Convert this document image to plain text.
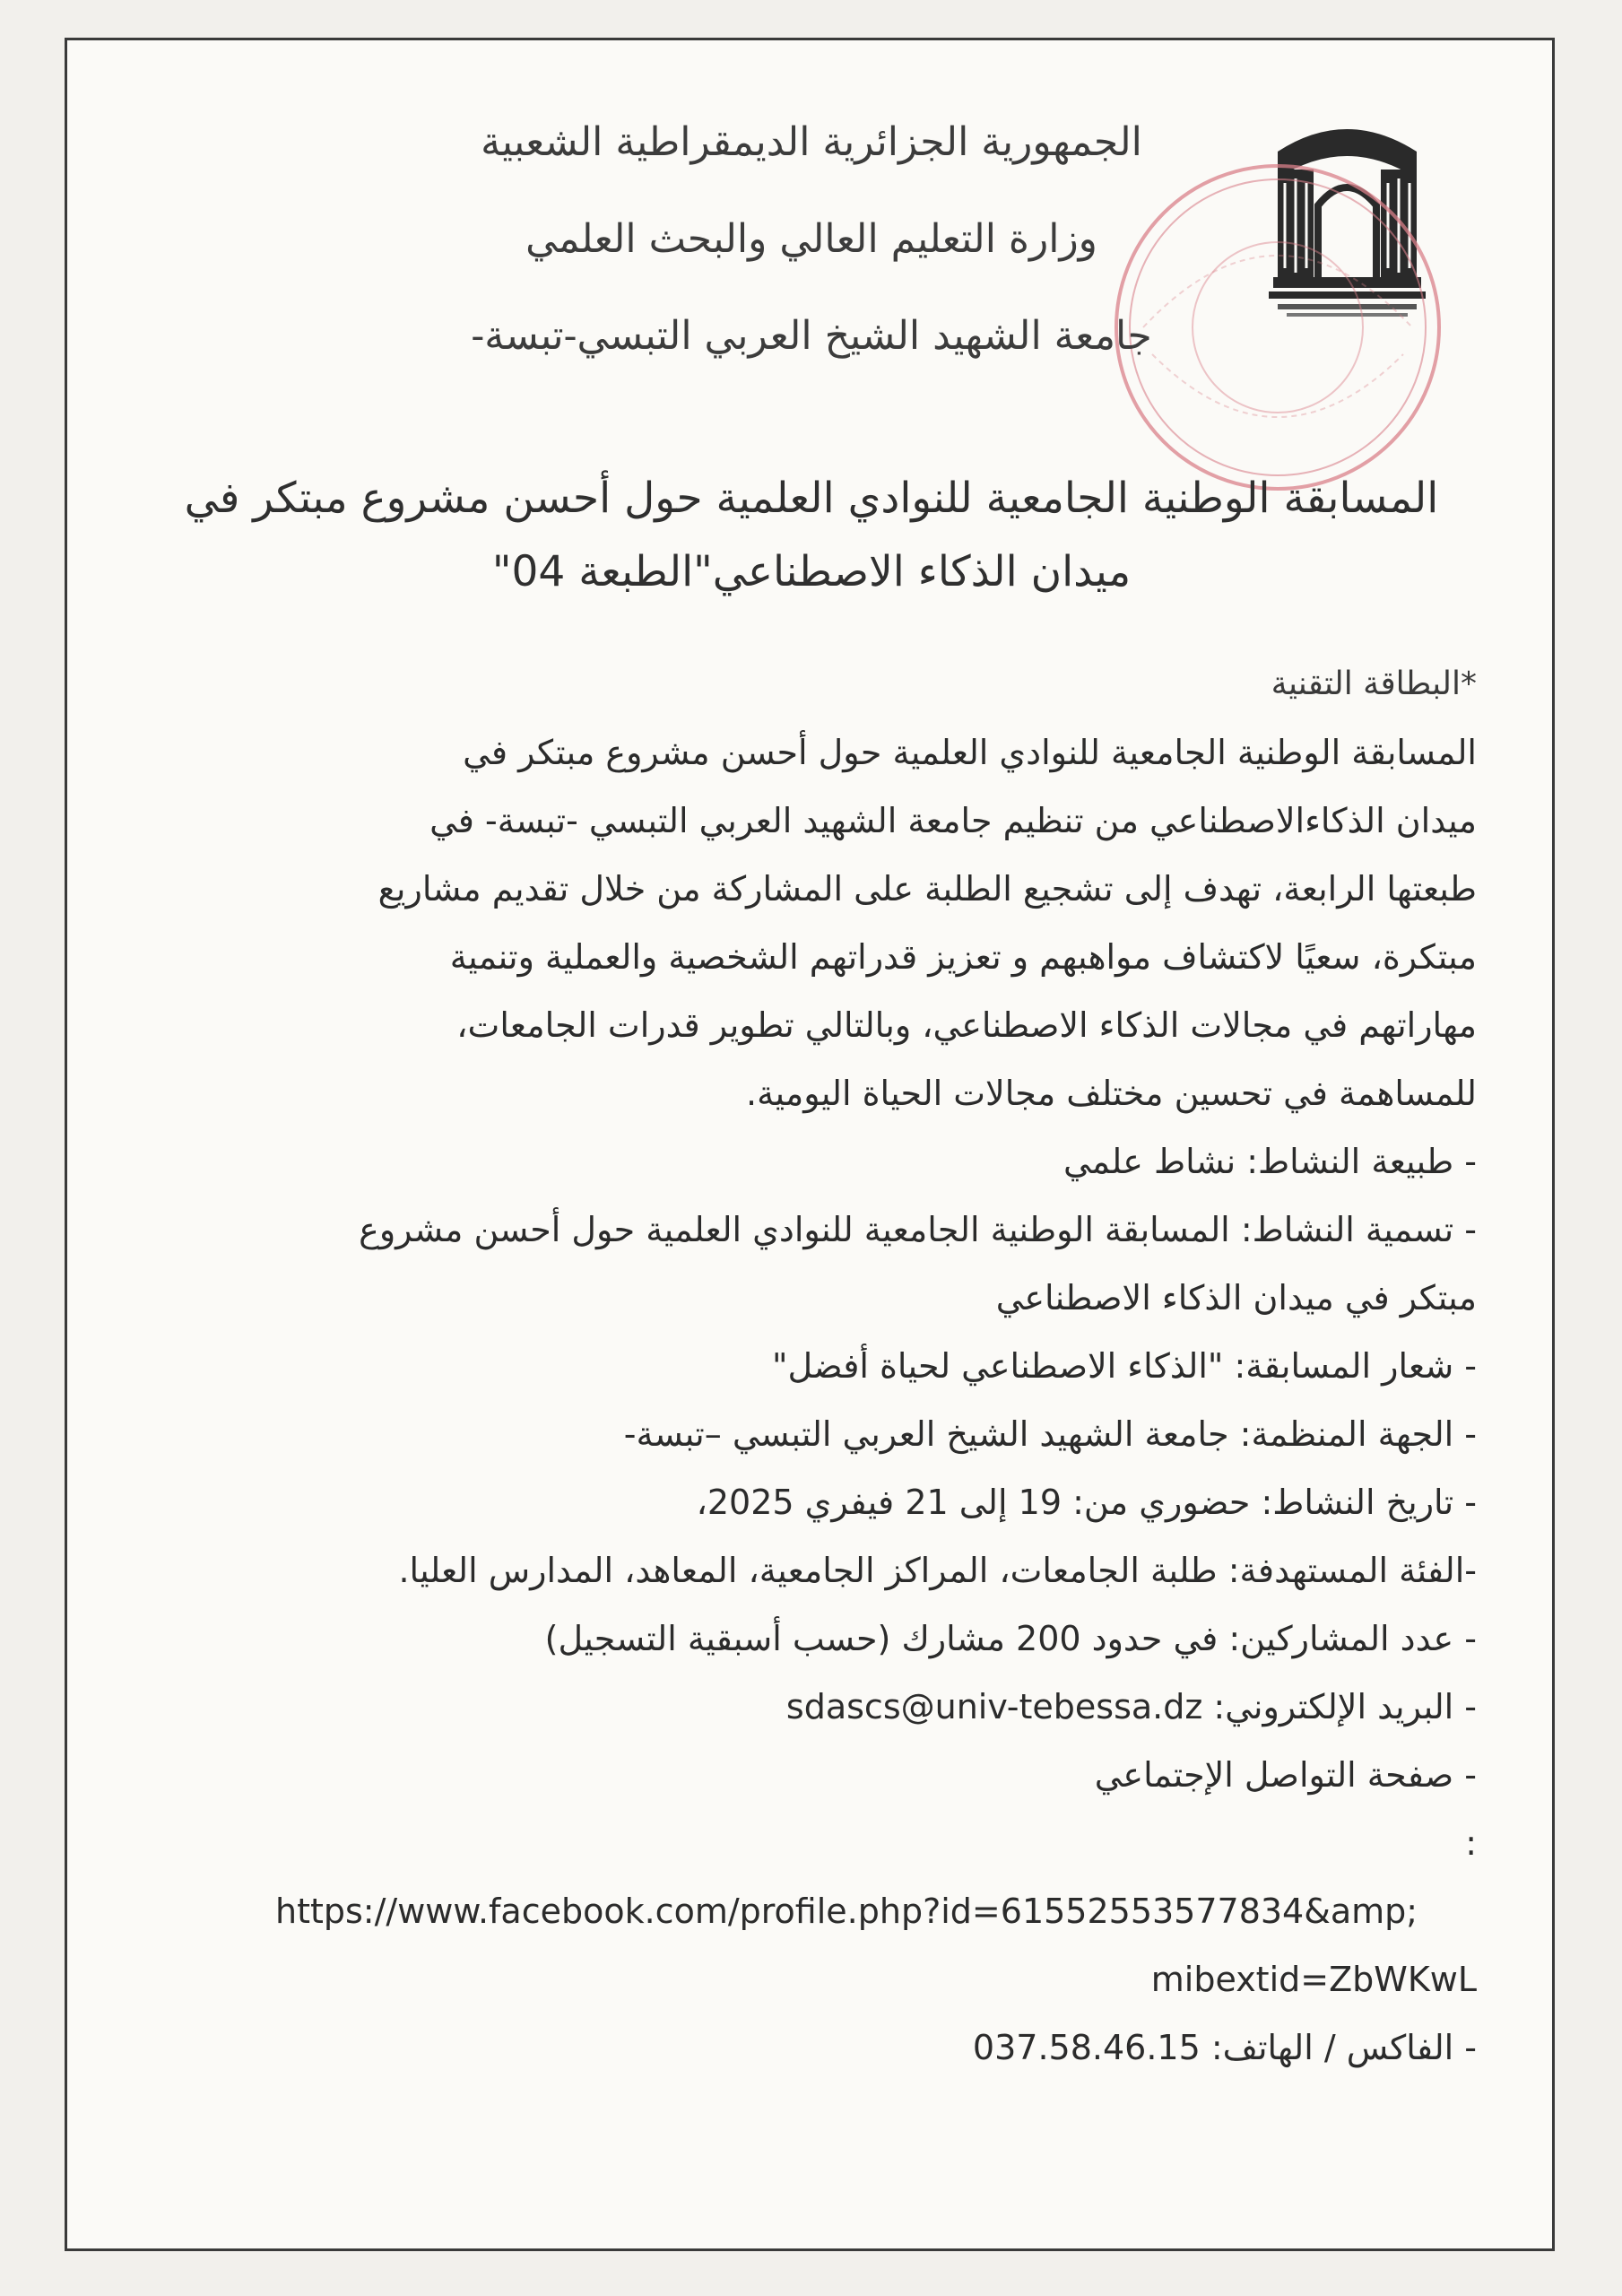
الجمهورية الجزائرية الديمقراطية الشعبية
وزارة التعليم العالي والبحث العلمي
جامعة الشهيد الشيخ العربي التبسي-تبسة-
المسابقة الوطنية الجامعية للنوادي العلمية حول أحسن مشروع مبتكر في
ميدان الذكاء الاصطناعي"الطبعة 04"
*البطاقة التقنية
المسابقة الوطنية الجامعية للنوادي العلمية حول أحسن مشروع مبتكر في
ميدان الذكاءالاصطناعي من تنظيم جامعة الشهيد العربي التبسي -تبسة- في
طبعتها الرابعة، تهدف إلى تشجيع الطلبة على المشاركة من خلال تقديم مشاريع
مبتكرة، سعيًا لاكتشاف مواهبهم و تعزيز قدراتهم الشخصية والعملية وتنمية
مهاراتهم في مجالات الذكاء الاصطناعي، وبالتالي تطوير قدرات الجامعات،
للمساهمة في تحسين مختلف مجالات الحياة اليومية.
- طبيعة النشاط: نشاط علمي
- تسمية النشاط: المسابقة الوطنية الجامعية للنوادي العلمية حول أحسن مشروع
مبتكر في ميدان الذكاء الاصطناعي
- شعار المسابقة: "الذكاء الاصطناعي لحياة أفضل"
- الجهة المنظمة: جامعة الشهيد الشيخ العربي التبسي –تبسة-
- تاريخ النشاط: حضوري من: 19 إلى 21 فيفري 2025،
-الفئة المستهدفة: طلبة الجامعات، المراكز الجامعية، المعاهد، المدارس العليا.
- عدد المشاركين: في حدود 200 مشارك (حسب أسبقية التسجيل)
- البريد الإلكتروني: sdascs@univ-tebessa.dz
- صفحة التواصل الإجتماعي
:
https://www.facebook.com/profile.php?id=61552553577834&amp;
mibextid=ZbWKwL
- الفاكس / الهاتف: 037.58.46.15
